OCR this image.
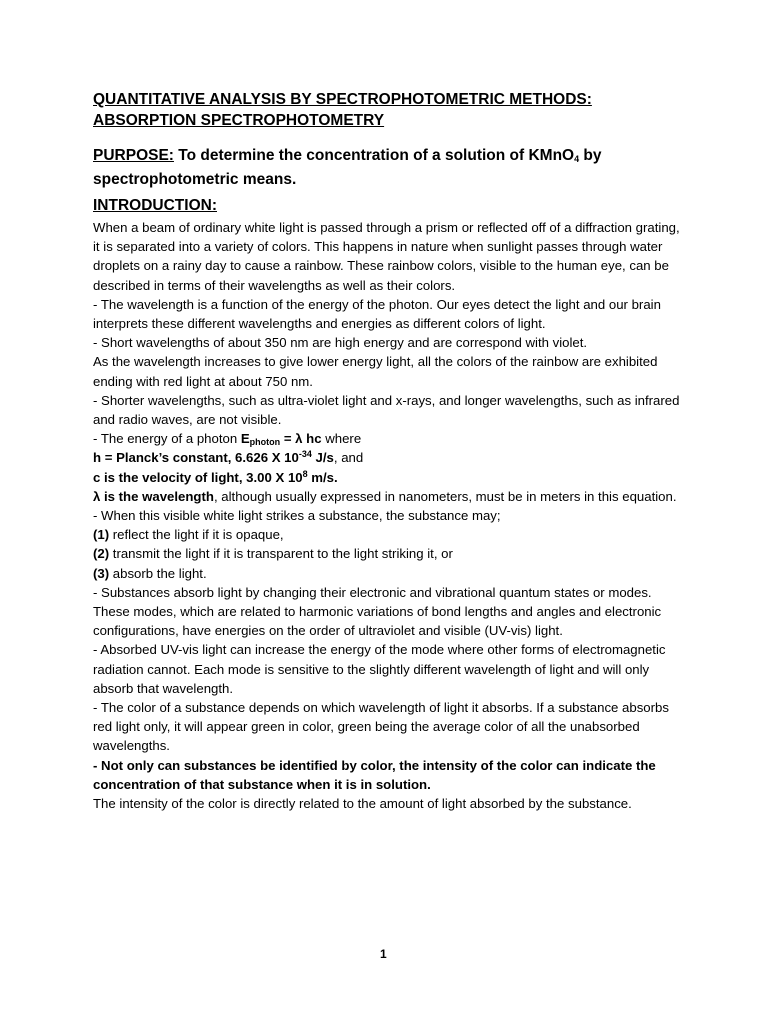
QUANTITATIVE ANALYSIS BY SPECTROPHOTOMETRIC METHODS:
ABSORPTION SPECTROPHOTOMETRY
PURPOSE: To determine the concentration of a solution of KMnO$_4$ by spectrophotometric means.
INTRODUCTION:

When a beam of ordinary white light is passed through a prism or reflected off of a diffraction grating, it is separated into a variety of colors. This happens in nature when sunlight passes through water droplets on a rainy day to cause a rainbow. These rainbow colors, visible to the human eye, can be described in terms of their wavelengths as well as their colors.

- The wavelength is a function of the energy of the photon. Our eyes detect the light and our brain interprets these different wavelengths and energies as different colors of light.

- Short wavelengths of about 350 nm are high energy and are correspond with violet.

As the wavelength increases to give lower energy light, all the colors of the rainbow are exhibited ending with red light at about 750 nm.

- Shorter wavelengths, such as ultra-violet light and x-rays, and longer wavelengths, such as infrared and radio waves, are not visible.

- The energy of a photon $E_{photon} = \lambda$ hc where

h = Planck’s constant, 6.626 X $10^{-34}$ J/s, and

c is the velocity of light, 3.00 X $10^8$ m/s.

λ is the wavelength, although usually expressed in nanometers, must be in meters in this equation.

- When this visible white light strikes a substance, the substance may;

(1) reflect the light if it is opaque,

(2) transmit the light if it is transparent to the light striking it, or

(3) absorb the light.

- Substances absorb light by changing their electronic and vibrational quantum states or modes. These modes, which are related to harmonic variations of bond lengths and angles and electronic configurations, have energies on the order of ultraviolet and visible (UV-vis) light.

- Absorbed UV-vis light can increase the energy of the mode where other forms of electromagnetic radiation cannot. Each mode is sensitive to the slightly different wavelength of light and will only absorb that wavelength.

- The color of a substance depends on which wavelength of light it absorbs. If a substance absorbs red light only, it will appear green in color, green being the average color of all the unabsorbed wavelengths.

- Not only can substances be identified by color, the intensity of the color can indicate the concentration of that substance when it is in solution.

The intensity of the color is directly related to the amount of light absorbed by the substance.

1
